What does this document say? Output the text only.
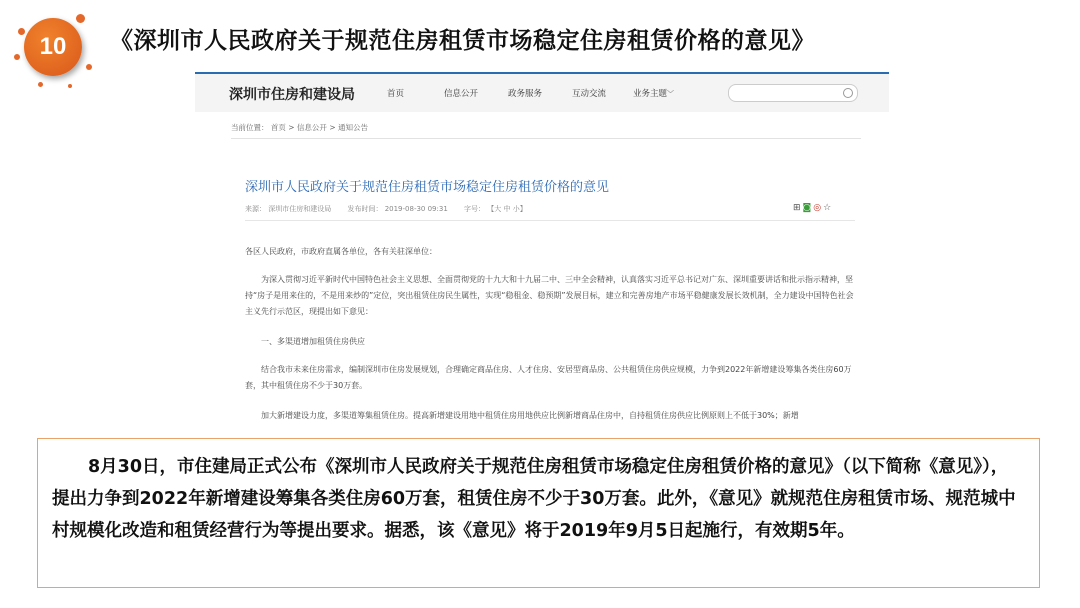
10	《深圳市人民政府关于规范住房租赁市场稳定住房租赁价格的意见》
深圳市住房和建设局	首页	信息公开	政务服务	互动交流	业务主题﹀
当前位置： 首页 > 信息公开 > 通知公告
深圳市人民政府关于规范住房租赁市场稳定住房租赁价格的意见
来源： 深圳市住房和建设局 发布时间： 2019-08-30 09:31 字号： 【大 中 小】	⊞◙◎☆
各区人民政府，市政府直属各单位，各有关驻深单位：
为深入贯彻习近平新时代中国特色社会主义思想、全面贯彻党的十九大和十九届二中、三中全会精神，认真落实习近平总书记对广东、深圳重要讲话和批示指示精神，坚持“房子是用来住的，不是用来炒的”定位，突出租赁住房民生属性，实现“稳租金、稳预期”发展目标，建立和完善房地产市场平稳健康发展长效机制，全力建设中国特色社会主义先行示范区，现提出如下意见：
一、多渠道增加租赁住房供应
结合我市未来住房需求，编制深圳市住房发展规划，合理确定商品住房、人才住房、安居型商品房、公共租赁住房供应规模，力争到2022年新增建设筹集各类住房60万套，其中租赁住房不少于30万套。
加大新增建设力度，多渠道筹集租赁住房。提高新增建设用地中租赁住房用地供应比例新增商品住房中，自持租赁住房供应比例原则上不低于30%；新增

8月30日，市住建局正式公布《深圳市人民政府关于规范住房租赁市场稳定住房租赁价格的意见》（以下简称《意见》），提出力争到2022年新增建设筹集各类住房60万套，租赁住房不少于30万套。此外，《意见》就规范住房租赁市场、规范城中村规模化改造和租赁经营行为等提出要求。据悉，该《意见》将于2019年9月5日起施行，有效期5年。
